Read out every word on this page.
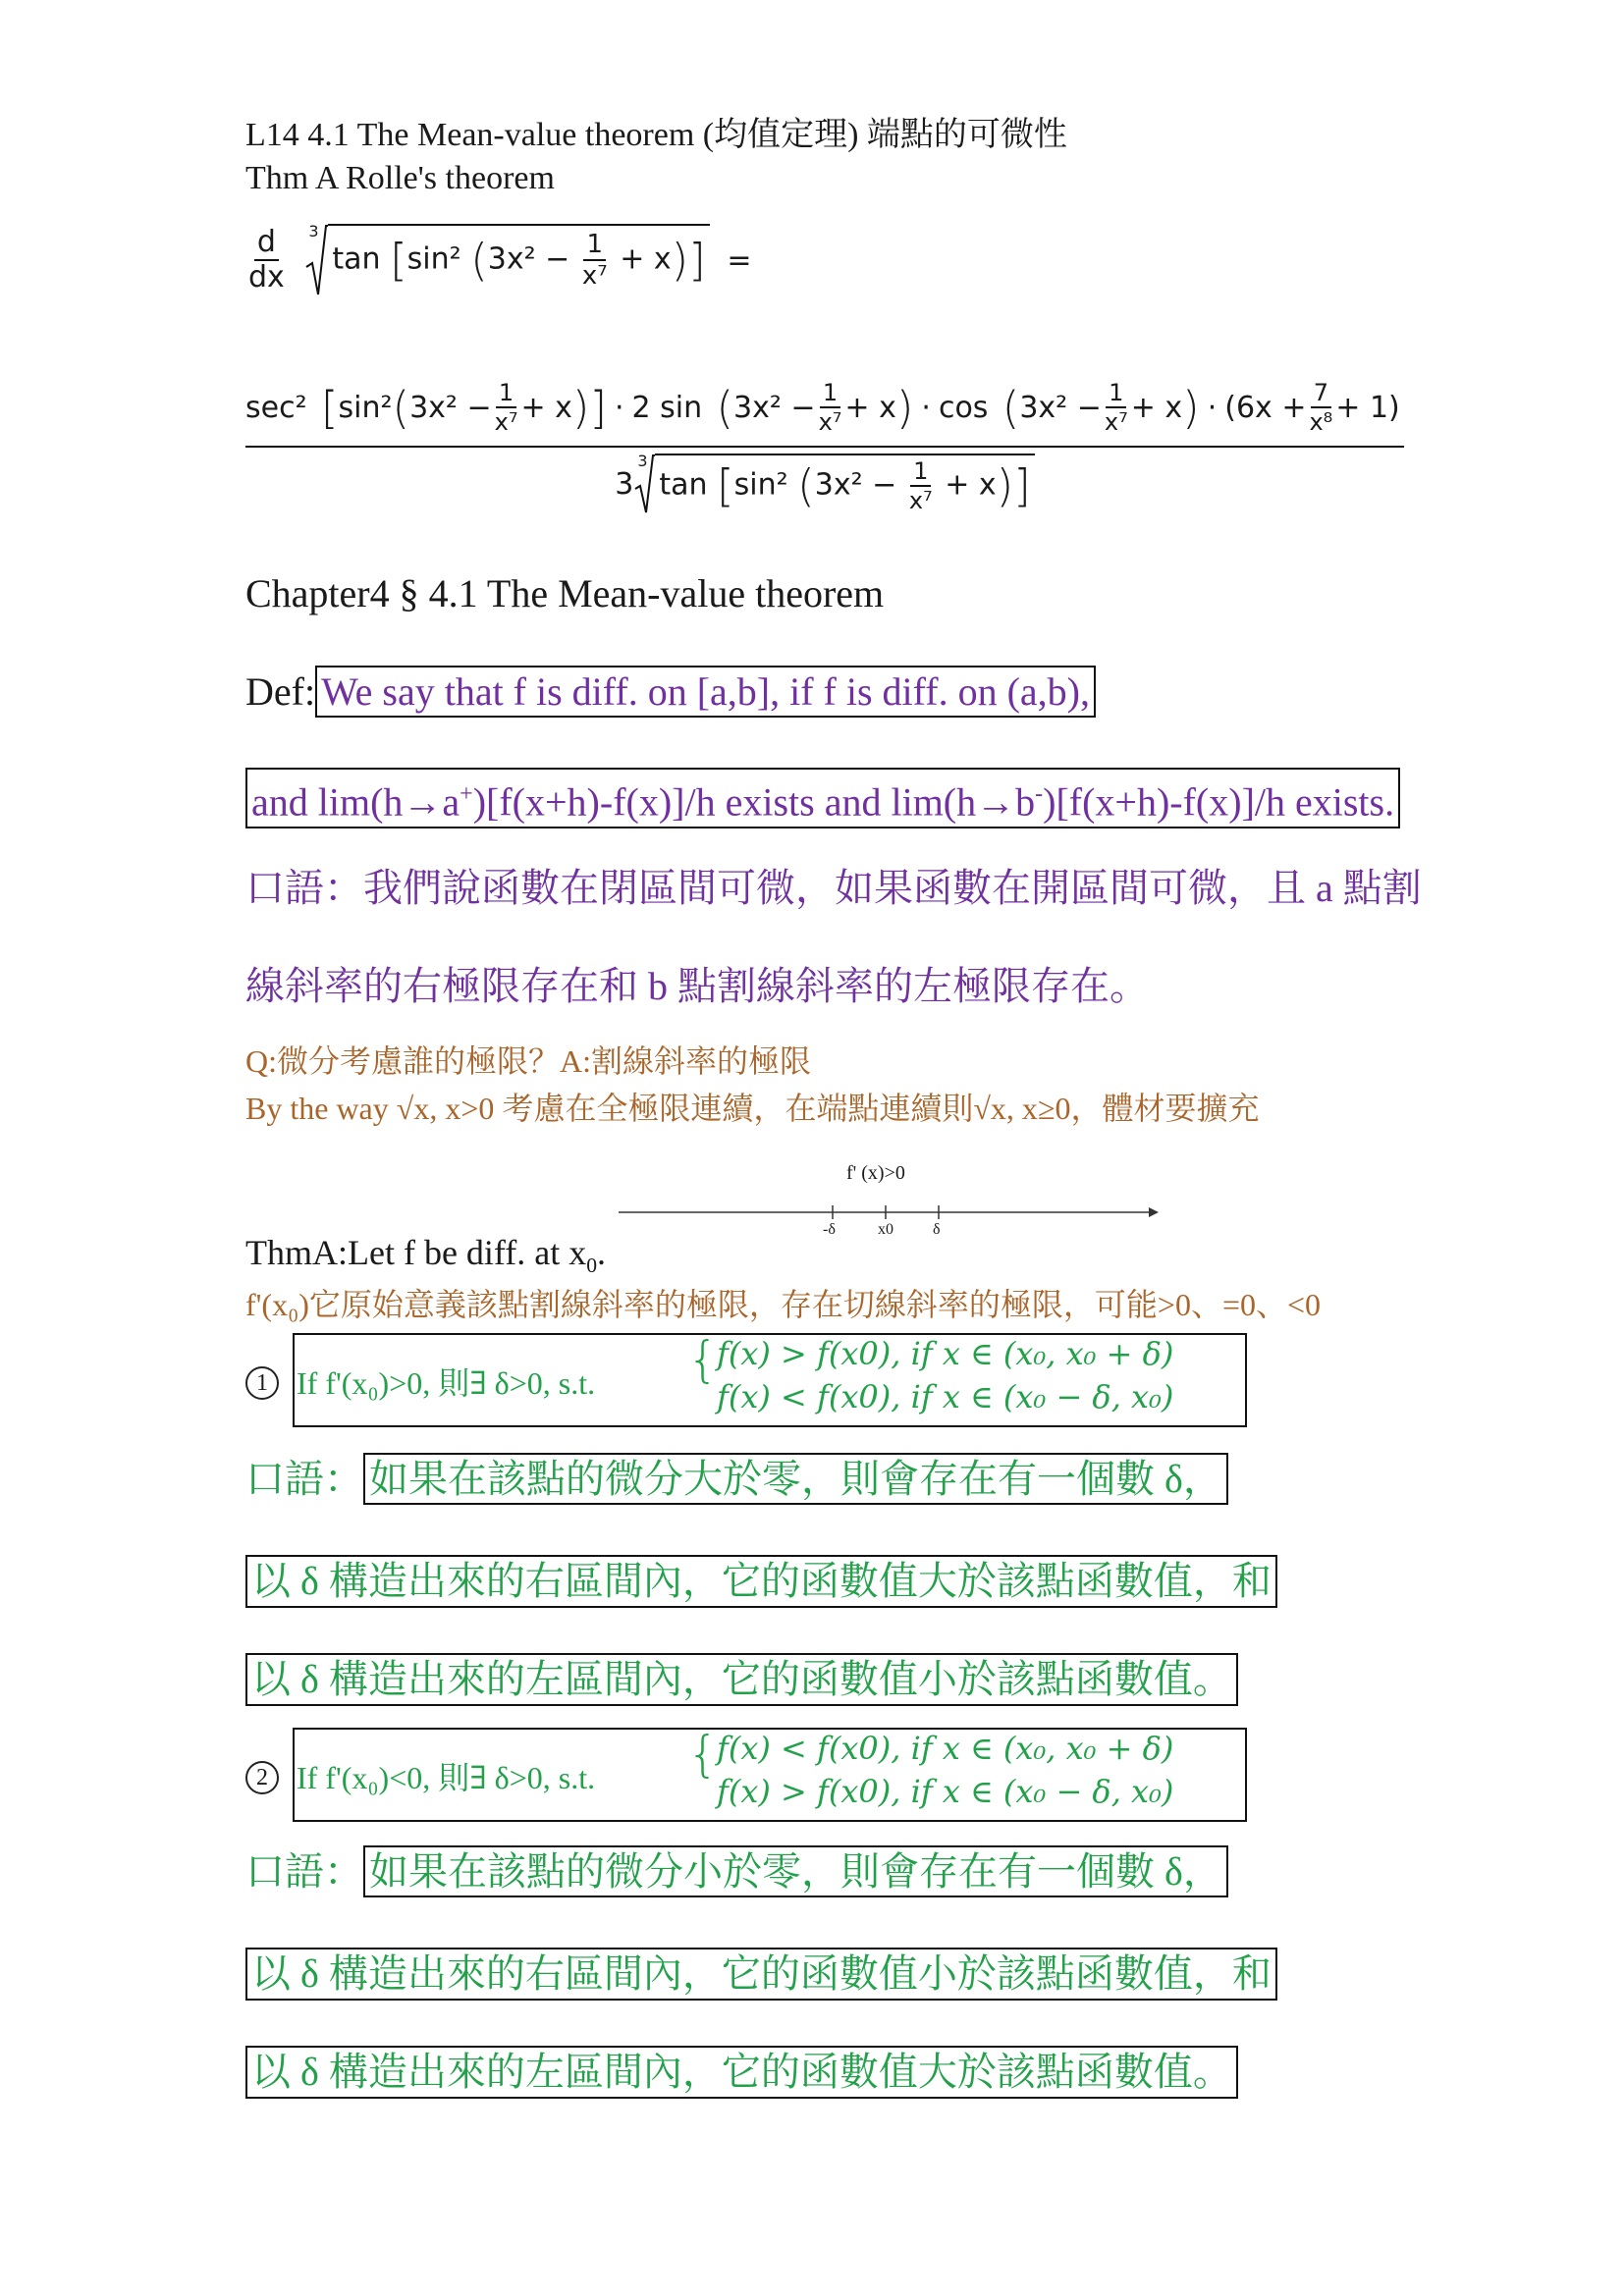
L14 4.1 The Mean-value theorem (均值定理) 端點的可微性
Thm A Rolle's theorem
$\frac{d}{dx}$
3
tan [sin² $(3x^2 - \frac{1}{\text{x⁷}} + x)$] =
sec² [ sin² ( $3x^2 - \frac{1}{\text{x⁷}} + x$ ) ] · 2 sin ( $3x^2 - \frac{1}{\text{x⁷}} + x$ ) · cos ( $3x^2 - \frac{1}{\text{x⁷}} + x$ ) · $(6x + \frac{7}{\text{x⁸}} + 1)$
3
3
tan [sin² $(3x^2 - \frac{1}{\text{x⁷}} + x)$]
Chapter4 § 4.1 The Mean-value theorem
Def: We say that f is diff. on [a,b], if f is diff. on (a,b),
and lim(h→a+)[f(x+h)-f(x)]/h exists and lim(h→b-)[f(x+h)-f(x)]/h exists.
口語：我們說函數在閉區間可微，如果函數在開區間可微，且 a 點割
線斜率的右極限存在和 b 點割線斜率的左極限存在。
Q:微分考慮誰的極限？A:割線斜率的極限
By the way √x, x>0 考慮在全極限連續，在端點連續則√x, x≥0，體材要擴充
f' (x)>0
-δ	x0	δ
ThmA:Let f be diff. at $x_0$.
f'(x₀)它原始意義該點割線斜率的極限，存在切線斜率的極限，可能>0、=0、<0
1 If f'(x₀)>0, 則∃ δ>0, s.t. {
f(x) > f(x0), if x ∈ (x₀, x₀ + δ)
f(x) < f(x0), if x ∈ (x₀ − δ, x₀)
口語： 如果在該點的微分大於零，則會存在有一個數 δ，
以 δ 構造出來的右區間內，它的函數值大於該點函數值，和
以 δ 構造出來的左區間內，它的函數值小於該點函數值。
2 If f'(x₀)<0, 則∃ δ>0, s.t. {
f(x) < f(x0), if x ∈ (x₀, x₀ + δ)
f(x) > f(x0), if x ∈ (x₀ − δ, x₀)
口語： 如果在該點的微分小於零，則會存在有一個數 δ，
以 δ 構造出來的右區間內，它的函數值小於該點函數值，和
以 δ 構造出來的左區間內，它的函數值大於該點函數值。
